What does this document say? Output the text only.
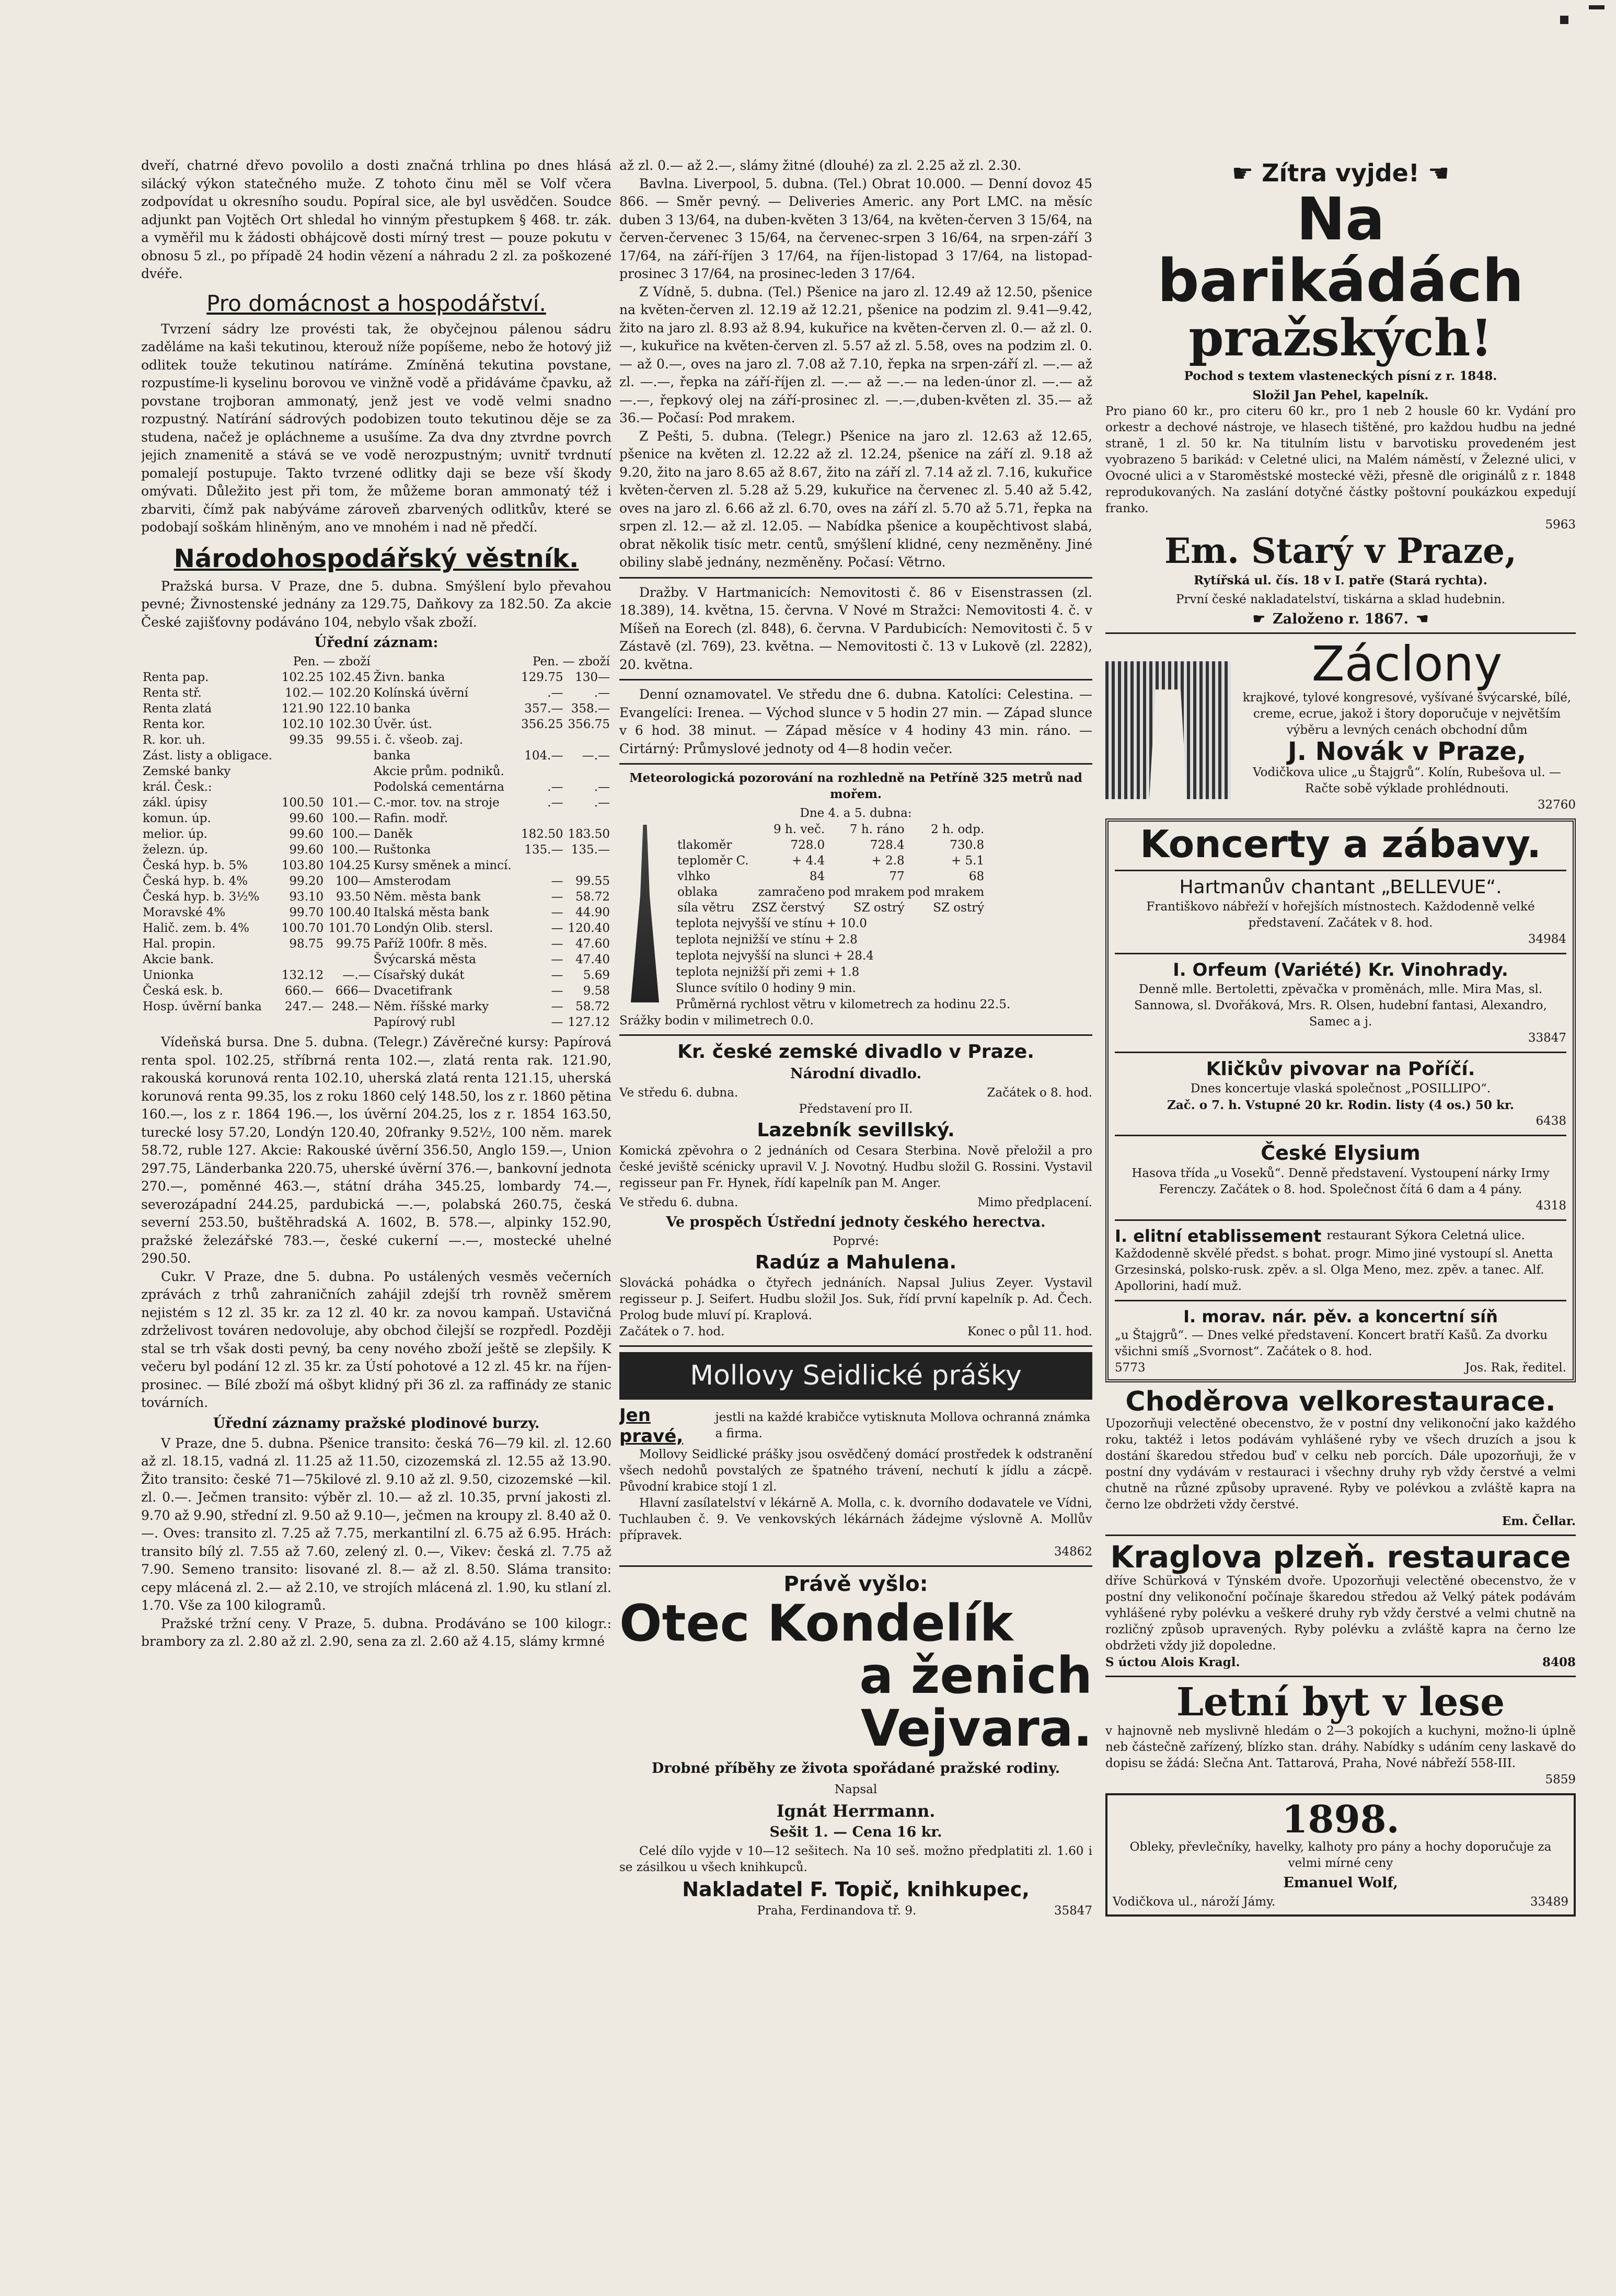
dveří, chatrné dřevo povolilo a dosti značná trhlina po dnes hlásá silácký výkon statečného muže. Z tohoto činu měl se Volf včera zodpovídat u okresního soudu. Popíral sice, ale byl usvědčen. Soudce adjunkt pan Vojtěch Ort shledal ho vinným přestupkem § 468. tr. zák. a vyměřil mu k žádosti obhájcově dosti mírný trest — pouze pokutu v obnosu 5 zl., po případě 24 hodin vězení a náhradu 2 zl. za poškozené dvéře.

Pro domácnost a hospodářství.

Tvrzení sádry lze provésti tak, že obyčejnou pálenou sádru zaděláme na kaši tekutinou, kterouž níže popíšeme, nebo že hotový již odlitek touže tekutinou natíráme. Zmíněná tekutina povstane, rozpustíme-li kyselinu borovou ve vinžně vodě a přidáváme čpavku, až povstane trojboran ammonatý, jenž jest ve vodě velmi snadno rozpustný. Natírání sádrových podobizen touto tekutinou děje se za studena, načež je opláchneme a usušíme. Za dva dny ztvrdne povrch jejich znamenitě a stává se ve vodě nerozpustným; uvnitř tvrdnutí pomalejí postupuje. Takto tvrzené odlitky daji se beze vší škody omývati. Důležito jest při tom, že můžeme boran ammonatý též i zbarviti, čímž pak nabýváme zároveň zbarvených odlitkův, které se podobají soškám hliněným, ano ve mnohém i nad ně předčí.

Národohospodářský věstník.

Pražská bursa. V Praze, dne 5. dubna. Smýšlení bylo převahou pevné; Živnostenské jednány za 129.75, Daňkovy za 182.50. Za akcie České zajišťovny podáváno 104, nebylo však zboží.

Úřední záznam:
	Pen. — zboží			Pen. — zboží	
Renta pap.	102.25	102.45	Živn. banka	129.75	130—
Renta stř.	102.—	102.20	Kolínská úvěrní	.—	.—
Renta zlatá	121.90	122.10	banka	357.—	358.—
Renta kor.	102.10	102.30	Úvěr. úst.	356.25	356.75
R. kor. uh.	99.35	99.55	i. č. všeob. zaj.		
Zást. listy a obligace.			banka	104.—	—.—
Zemské banky			Akcie prům. podniků.		
král. Česk.:			Podolská cementárna	.—	.—
zákl. úpisy	100.50	101.—	C.-mor. tov. na stroje	.—	.—
komun. úp.	99.60	100.—	Rafin. modř.		
melior. úp.	99.60	100.—	Daněk	182.50	183.50
železn. úp.	99.60	100.—	Ruštonka	135.—	135.—
Česká hyp. b. 5%	103.80	104.25	Kursy směnek a mincí.		
Česká hyp. b. 4%	99.20	100—	Amsterodam	—	99.55
Česká hyp. b. 3½%	93.10	93.50	Něm. města bank	—	58.72
Moravské 4%	99.70	100.40	Italská města bank	—	44.90
Halič. zem. b. 4%	100.70	101.70	Londýn Olib. stersl.	—	120.40
Hal. propin.	98.75	99.75	Paříž 100fr. 8 měs.	—	47.60
Akcie bank.			Švýcarská města	—	47.40
Unionka	132.12	—.—	Císařský dukát	—	5.69
Česká esk. b.	660.—	666—	Dvacetifrank	—	9.58
Hosp. úvěrní banka	247.—	248.—	Něm. říšské marky	—	58.72
			Papírový rubl	—	127.12

Vídeňská bursa. Dne 5. dubna. (Telegr.) Závěrečné kursy: Papírová renta spol. 102.25, stříbrná renta 102.—, zlatá renta rak. 121.90, rakouská korunová renta 102.10, uherská zlatá renta 121.15, uherská korunová renta 99.35, los z roku 1860 celý 148.50, los z r. 1860 pětina 160.—, los z r. 1864 196.—, los úvěrní 204.25, los z r. 1854 163.50, turecké losy 57.20, Londýn 120.40, 20franky 9.52½, 100 něm. marek 58.72, ruble 127. Akcie: Rakouské úvěrní 356.50, Anglo 159.—, Union 297.75, Länderbanka 220.75, uherské úvěrní 376.—, bankovní jednota 270.—, poměnné 463.—, státní dráha 345.25, lombardy 74.—, severozápadní 244.25, pardubická —.—, polabská 260.75, česká severní 253.50, buštěhradská A. 1602, B. 578.—, alpinky 152.90, pražské železářské 783.—, české cukerní —.—, mostecké uhelné 290.50.

Cukr. V Praze, dne 5. dubna. Po ustálených vesměs večerních zprávách z trhů zahraničních zahájil zdejší trh rovněž směrem nejistém s 12 zl. 35 kr. za 12 zl. 40 kr. za novou kampaň. Ustavičná zdrželivost továren nedovoluje, aby obchod čilejší se rozpředl. Později stal se trh však dosti pevný, ba ceny nového zboží ještě se zlepšily. K večeru byl podání 12 zl. 35 kr. za Ústí pohotové a 12 zl. 45 kr. na říjen-prosinec. — Bílé zboží má ošbyt klidný při 36 zl. za raffinády ze stanic továrních.

Úřední záznamy pražské plodinové burzy.

V Praze, dne 5. dubna. Pšenice transito: česká 76—79 kil. zl. 12.60 až zl. 18.15, vadná zl. 11.25 až 11.50, cizozemská zl. 12.55 až 13.90. Žito transito: české 71—75kilové zl. 9.10 až zl. 9.50, cizozemské —kil. zl. 0.—. Ječmen transito: výběr zl. 10.— až zl. 10.35, první jakosti zl. 9.70 až 9.90, střední zl. 9.50 až 9.10—, ječmen na kroupy zl. 8.40 až 0.—. Oves: transito zl. 7.25 až 7.75, merkantilní zl. 6.75 až 6.95. Hrách: transito bílý zl. 7.55 až 7.60, zelený zl. 0.—, Vikev: česká zl. 7.75 až 7.90. Semeno transito: lisované zl. 8.— až zl. 8.50. Sláma transito: cepy mlácená zl. 2.— až 2.10, ve strojích mlácená zl. 1.90, ku stlaní zl. 1.70. Vše za 100 kilogramů.

Pražské tržní ceny. V Praze, 5. dubna. Prodáváno se 100 kilogr.: brambory za zl. 2.80 až zl. 2.90, sena za zl. 2.60 až 4.15, slámy krmné

až zl. 0.— až 2.—, slámy žitné (dlouhé) za zl. 2.25 až zl. 2.30.

Bavlna. Liverpool, 5. dubna. (Tel.) Obrat 10.000. — Denní dovoz 45 866. — Směr pevný. — Deliveries Americ. any Port LMC. na měsíc duben 3 13/64, na duben-květen 3 13/64, na květen-červen 3 15/64, na červen-červenec 3 15/64, na červenec-srpen 3 16/64, na srpen-září 3 17/64, na září-říjen 3 17/64, na říjen-listopad 3 17/64, na listopad-prosinec 3 17/64, na prosinec-leden 3 17/64.

Z Vídně, 5. dubna. (Tel.) Pšenice na jaro zl. 12.49 až 12.50, pšenice na květen-červen zl. 12.19 až 12.21, pšenice na podzim zl. 9.41—9.42, žito na jaro zl. 8.93 až 8.94, kukuřice na květen-červen zl. 0.— až zl. 0.—, kukuřice na květen-červen zl. 5.57 až zl. 5.58, oves na podzim zl. 0.— až 0.—, oves na jaro zl. 7.08 až 7.10, řepka na srpen-září zl. —.— až zl. —.—, řepka na září-říjen zl. —.— až —.— na leden-únor zl. —.— až —.—, řepkový olej na září-prosinec zl. —.—,duben-květen zl. 35.— až 36.— Počasí: Pod mrakem.

Z Pešti, 5. dubna. (Telegr.) Pšenice na jaro zl. 12.63 až 12.65, pšenice na květen zl. 12.22 až zl. 12.24, pšenice na září zl. 9.18 až 9.20, žito na jaro 8.65 až 8.67, žito na září zl. 7.14 až zl. 7.16, kukuřice květen-červen zl. 5.28 až 5.29, kukuřice na červenec zl. 5.40 až 5.42, oves na jaro zl. 6.66 až zl. 6.70, oves na září zl. 5.70 až 5.71, řepka na srpen zl. 12.— až zl. 12.05. — Nabídka pšenice a koupěchtivost slabá, obrat několik tisíc metr. centů, smýšlení klidné, ceny nezměněny. Jiné obiliny slabě jednány, nezměněny. Počasí: Větrno.

Dražby. V Hartmanicích: Nemovitosti č. 86 v Eisenstrassen (zl. 18.389), 14. května, 15. června. V Nové m Stražci: Nemovitosti 4. č. v Míšeň na Eorech (zl. 848), 6. června. V Pardubicích: Nemovitosti č. 5 v Zástavě (zl. 769), 23. května. — Nemovitosti č. 13 v Lukově (zl. 2282), 20. května.

Denní oznamovatel. Ve středu dne 6. dubna. Katolíci: Celestina. — Evangelíci: Irenea. — Východ slunce v 5 hodin 27 min. — Západ slunce v 6 hod. 38 minut. — Západ měsíce v 4 hodiny 43 min. ráno. — Cirtárný: Průmyslové jednoty od 4—8 hodin večer.

Meteorologická pozorování na rozhledně na Petříně 325 metrů nad mořem.
Dne 4. a 5. dubna:
	9 h. več.	7 h. ráno	2 h. odp.
tlakoměr	728.0	728.4	730.8
teploměr C.	+ 4.4	+ 2.8	+ 5.1
vlhko	84	77	68
oblaka	zamračeno	pod mrakem	pod mrakem
síla větru	ZSZ čerstvý	SZ ostrý	SZ ostrý
teplota nejvyšší ve stínu + 10.0
teplota nejnižší ve stínu + 2.8
teplota nejvyšší na slunci + 28.4
teplota nejnižší při zemi + 1.8
Slunce svítilo 0 hodiny 9 min.
Průměrná rychlost větru v kilometrech za hodinu 22.5.
Srážky bodin v milimetrech 0.0.
Kr. české zemské divadlo v Praze.
Národní divadlo.
Ve středu 6. dubna.	Začátek o 8. hod.
Představení pro II.
Lazebník sevillský.

Komická zpěvohra o 2 jednáních od Cesara Sterbina. Nově přeložil a pro české jeviště scénicky upravil V. J. Novotný. Hudbu složil G. Rossini. Vystavil regisseur pan Fr. Hynek, řídí kapelník pan M. Anger.

Ve středu 6. dubna.	Mimo předplacení.
Ve prospěch Ústřední jednoty českého herectva.
Poprvé:
Radúz a Mahulena.

Slovácká pohádka o čtyřech jednáních. Napsal Julius Zeyer. Vystavil regisseur p. J. Seifert. Hudbu složil Jos. Suk, řídí první kapelník p. Ad. Čech. Prolog bude mluví pí. Kraplová.

Začátek o 7. hod.	Konec o půl 11. hod.
Mollovy Seidlické prášky
Jen pravé,
jestli na každé krabičce vytisknuta Mollova ochranná známka a firma.

Mollovy Seidlické prášky jsou osvědčený domácí prostředek k odstranění všech nedohů povstalých ze špatného trávení, nechutí k jídlu a zácpě. Původní krabice stojí 1 zl.

Hlavní zasílatelství v lékárně A. Molla, c. k. dvorního dodavatele ve Vídni, Tuchlauben č. 9. Ve venkovských lékárnách žádejme výslovně A. Mollův přípravek.

34862
Právě vyšlo:
Otec Kondelík
a ženich Vejvara.
Drobné příběhy ze života spořádané pražské rodiny.
Napsal
Ignát Herrmann.
Sešit 1. — Cena 16 kr.

Celé dílo vyjde v 10—12 sešitech. Na 10 seš. možno předplatiti zl. 1.60 i se zásilkou u všech knihkupců.

Nakladatel F. Topič, knihkupec,
Praha, Ferdinandova tř. 9.	35847
☛ Zítra vyjde! ☚
Na barikádách
pražských!
Pochod s textem vlasteneckých písní z r. 1848.
Složil Jan Pehel, kapelník.

Pro piano 60 kr., pro citeru 60 kr., pro 1 neb 2 housle 60 kr. Vydání pro orkestr a dechové nástroje, ve hlasech tištěné, pro každou hudbu na jedné straně, 1 zl. 50 kr. Na titulním listu v barvotisku provedeném jest vyobrazeno 5 barikád: v Celetné ulici, na Malém náměstí, v Železné ulici, v Ovocné ulici a v Staroměstské mostecké věži, přesně dle originálů z r. 1848 reprodukovaných. Na zaslání dotyčné částky poštovní poukázkou expedují franko.

5963
Em. Starý v Praze,
Rytířská ul. čís. 18 v I. patře (Stará rychta).
První české nakladatelství, tiskárna a sklad hudebnin.
☛ Založeno r. 1867. ☚
Záclony

krajkové, tylové kongresové, vyšívané švýcarské, bílé, creme, ecrue, jakož i štory doporučuje v největším výběru a levných cenách obchodní dům

J. Novák v Praze,

Vodičkova ulice „u Štajgrů“. Kolín, Rubešova ul. — Račte sobě výklade prohlédnouti.

32760
Koncerty a zábavy.
Hartmanův chantant „BELLEVUE“.
Františkovo nábřeží v hořejších místnostech. Každodenně velké představení. Začátek v 8. hod.
34984
I. Orfeum (Variété) Kr. Vinohrady.
Denně mlle. Bertoletti, zpěvačka v proměnách, mlle. Mira Mas, sl. Sannowa, sl. Dvořáková, Mrs. R. Olsen, hudební fantasi, Alexandro, Samec a j.
33847
Kličkův pivovar na Poříčí.
Dnes koncertuje vlaská společnost „POSILLIPO“.
Zač. o 7. h. Vstupné 20 kr. Rodin. listy (4 os.) 50 kr.
6438
České Elysium
Hasova třída „u Voseků“. Denně představení. Vystoupení nárky Irmy Ferenczy. Začátek o 8. hod. Společnost čítá 6 dam a 4 pány.
4318
I. elitní etablissement restaurant Sýkora Celetná ulice.
Každodenně skvělé předst. s bohat. progr. Mimo jiné vystoupí sl. Anetta Grzesinská, polsko-rusk. zpěv. a sl. Olga Meno, mez. zpěv. a tanec. Alf. Apollorini, hadí muž.
I. morav. nár. pěv. a koncertní síň
„u Štajgrů“. — Dnes velké představení. Koncert bratří Kašů. Za dvorku všichni smíš „Svornost“. Začátek o 8. hod.
5773	Jos. Rak, ředitel.
Choděrova velkorestaurace.

Upozorňuji velectěné obecenstvo, že v postní dny velikonoční jako každého roku, taktéž i letos podávám vyhlášené ryby ve všech druzích a jsou k dostání škaredou středou buď v celku neb porcích. Dále upozorňuji, že v postní dny vydávám v restauraci i všechny druhy ryb vždy čerstvé a velmi chutně na různé způsoby upravené. Ryby ve polévkou a zvláště kapra na černo lze obdržeti vždy čerstvé.

Em. Čellar.
Kraglova plzeň. restaurace

dříve Schürková v Týnském dvoře. Upozorňuji velectěné obecenstvo, že v postní dny velikonoční počínaje škaredou středou až Velký pátek podávám vyhlášené ryby polévku a veškeré druhy ryb vždy čerstvé a velmi chutně na rozličný způsob upravených. Ryby polévku a zvláště kapra na černo lze obdržeti vždy již dopoledne.

S úctou Alois Kragl.	8408
Letní byt v lese

v hajnovně neb myslivně hledám o 2—3 pokojích a kuchyni, možno-li úplně neb částečně zařízený, blízko stan. dráhy. Nabídky s udáním ceny laskavě do dopisu se žádá: Slečna Ant. Tattarová, Praha, Nové nábřeží 558-III.

5859
1898.

Obleky, převlečníky, havelky, kalhoty pro pány a hochy doporučuje za velmi mírné ceny

Emanuel Wolf,
Vodičkova ul., nároží Jámy.	33489
